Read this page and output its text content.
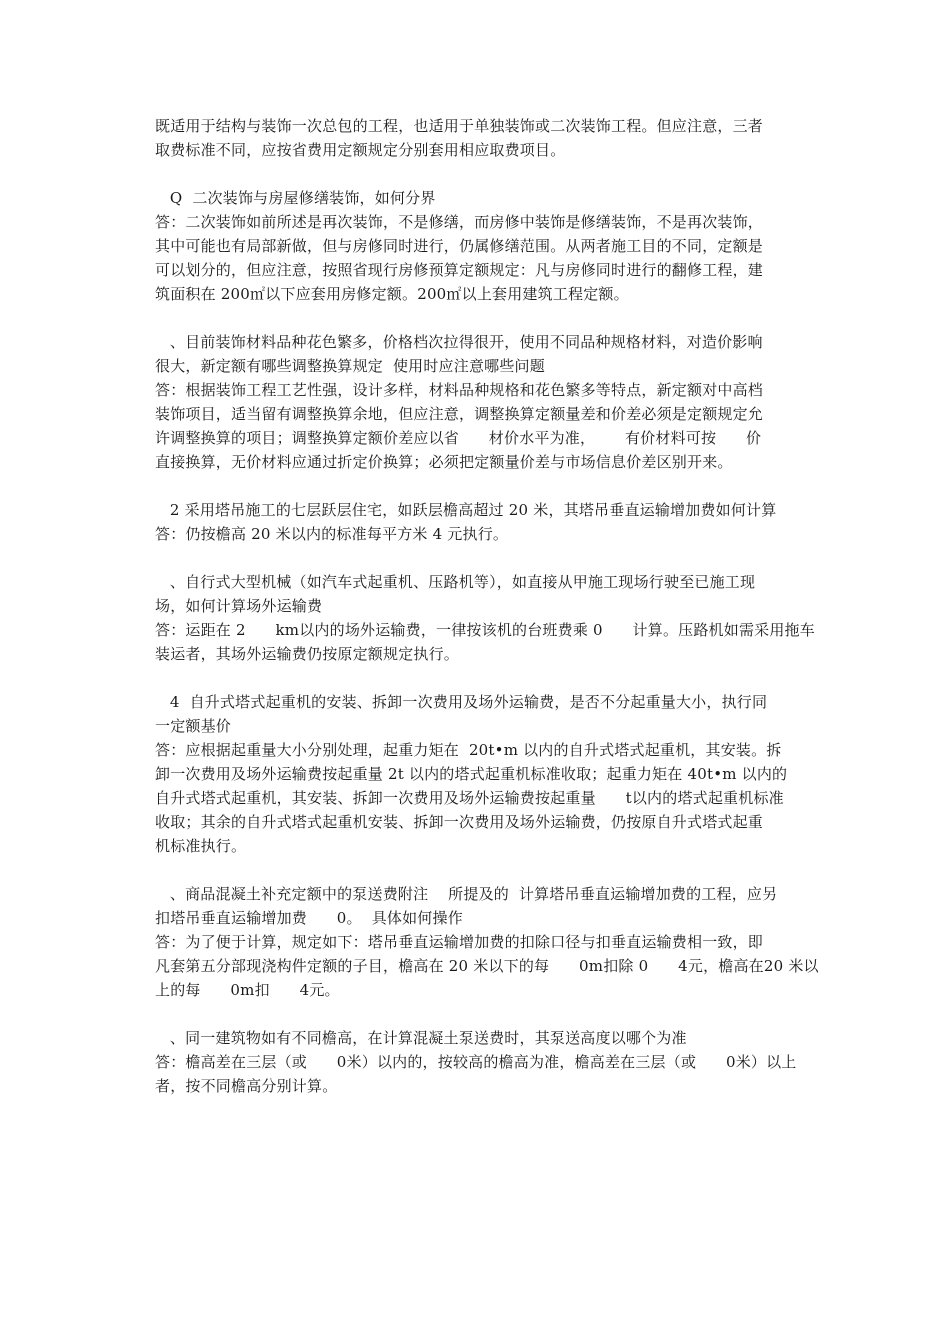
既适用于结构与装饰一次总包的工程，也适用于单独装饰或二次装饰工程。但应注意，三者
取费标准不同，应按省费用定额规定分别套用相应取费项目。
Q  二次装饰与房屋修缮装饰，如何分界
答：二次装饰如前所述是再次装饰，不是修缮，而房修中装饰是修缮装饰，不是再次装饰，
其中可能也有局部新做，但与房修同时进行，仍属修缮范围。从两者施工目的不同，定额是
可以划分的，但应注意，按照省现行房修预算定额规定：凡与房修同时进行的翻修工程，建
筑面积在 200㎡以下应套用房修定额。200㎡以上套用建筑工程定额。
、目前装饰材料品种花色繁多，价格档次拉得很开，使用不同品种规格材料，对造价影响
很大，新定额有哪些调整换算规定  使用时应注意哪些问题
答：根据装饰工程工艺性强，设计多样，材料品种规格和花色繁多等特点，新定额对中高档
装饰项目，适当留有调整换算余地，但应注意，调整换算定额量差和价差必须是定额规定允
许调整换算的项目；调整换算定额价差应以省      材价水平为准，      有价材料可按      价
直接换算，无价材料应通过折定价换算；必须把定额量价差与市场信息价差区别开来。
2 采用塔吊施工的七层跃层住宅，如跃层檐高超过 20 米，其塔吊垂直运输增加费如何计算
答：仍按檐高 20 米以内的标准每平方米 4 元执行。
、自行式大型机械（如汽车式起重机、压路机等），如直接从甲施工现场行驶至已施工现
场，如何计算场外运输费
答：运距在 2      km以内的场外运输费，一律按该机的台班费乘 0      计算。压路机如需采用拖车
装运者，其场外运输费仍按原定额规定执行。
4  自升式塔式起重机的安装、拆卸一次费用及场外运输费，是否不分起重量大小，执行同
一定额基价
答：应根据起重量大小分别处理，起重力矩在  20t•m 以内的自升式塔式起重机，其安装。拆
卸一次费用及场外运输费按起重量 2t 以内的塔式起重机标准收取；起重力矩在 40t•m 以内的
自升式塔式起重机，其安装、拆卸一次费用及场外运输费按起重量      t以内的塔式起重机标准
收取；其余的自升式塔式起重机安装、拆卸一次费用及场外运输费，仍按原自升式塔式起重
机标准执行。
、商品混凝土补充定额中的泵送费附注    所提及的  计算塔吊垂直运输增加费的工程，应另
扣塔吊垂直运输增加费      0。  具体如何操作
答：为了便于计算，规定如下：塔吊垂直运输增加费的扣除口径与扣垂直运输费相一致，即
凡套第五分部现浇构件定额的子目，檐高在 20 米以下的每      0m扣除 0      4元，檐高在20 米以
上的每      0m扣      4元。
、同一建筑物如有不同檐高，在计算混凝土泵送费时，其泵送高度以哪个为准
答：檐高差在三层（或      0米）以内的，按较高的檐高为准，檐高差在三层（或      0米）以上
者，按不同檐高分别计算。
